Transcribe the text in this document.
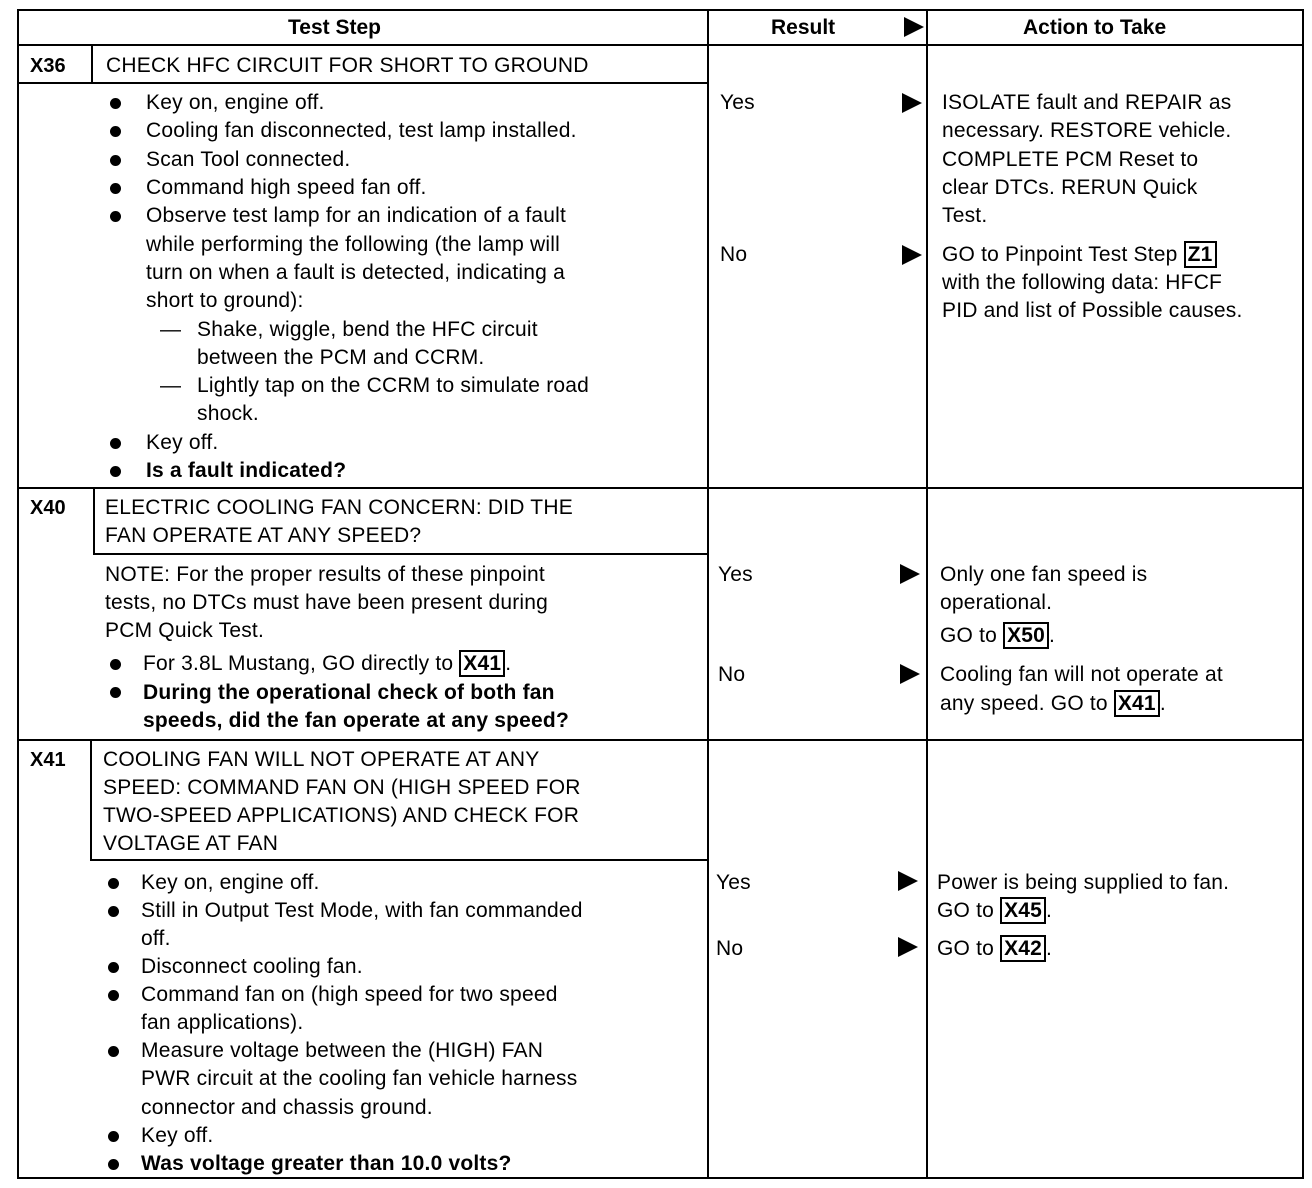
Test Step	Result	Action to Take
X36 CHECK HFC CIRCUIT FOR SHORT TO GROUND
Key on, engine off.
Cooling fan disconnected, test lamp installed.
Scan Tool connected.
Command high speed fan off.
Observe test lamp for an indication of a fault
while performing the following (the lamp will
turn on when a fault is detected, indicating a
short to ground):
— Shake, wiggle, bend the HFC circuit
between the PCM and CCRM.
— Lightly tap on the CCRM to simulate road
shock.
Key off.
Is a fault indicated?
Yes	ISOLATE fault and REPAIR as
necessary. RESTORE vehicle.
COMPLETE PCM Reset to
clear DTCs. RERUN Quick
Test.
No	GO to Pinpoint Test Step Z1
with the following data: HFCF
PID and list of Possible causes.
X40 ELECTRIC COOLING FAN CONCERN: DID THE
FAN OPERATE AT ANY SPEED?
NOTE: For the proper results of these pinpoint
tests, no DTCs must have been present during
PCM Quick Test.
For 3.8L Mustang, GO directly to X41 .
During the operational check of both fan
speeds, did the fan operate at any speed?
Yes	Only one fan speed is
operational.
GO to X50 .
No	Cooling fan will not operate at
any speed. GO to X41 .
X41 COOLING FAN WILL NOT OPERATE AT ANY
SPEED: COMMAND FAN ON (HIGH SPEED FOR
TWO-SPEED APPLICATIONS) AND CHECK FOR
VOLTAGE AT FAN
Key on, engine off.
Still in Output Test Mode, with fan commanded
off.
Disconnect cooling fan.
Command fan on (high speed for two speed
fan applications).
Measure voltage between the (HIGH) FAN
PWR circuit at the cooling fan vehicle harness
connector and chassis ground.
Key off.
Was voltage greater than 10.0 volts?
Yes	Power is being supplied to fan.
GO to X45 .
No	GO to X42 .
